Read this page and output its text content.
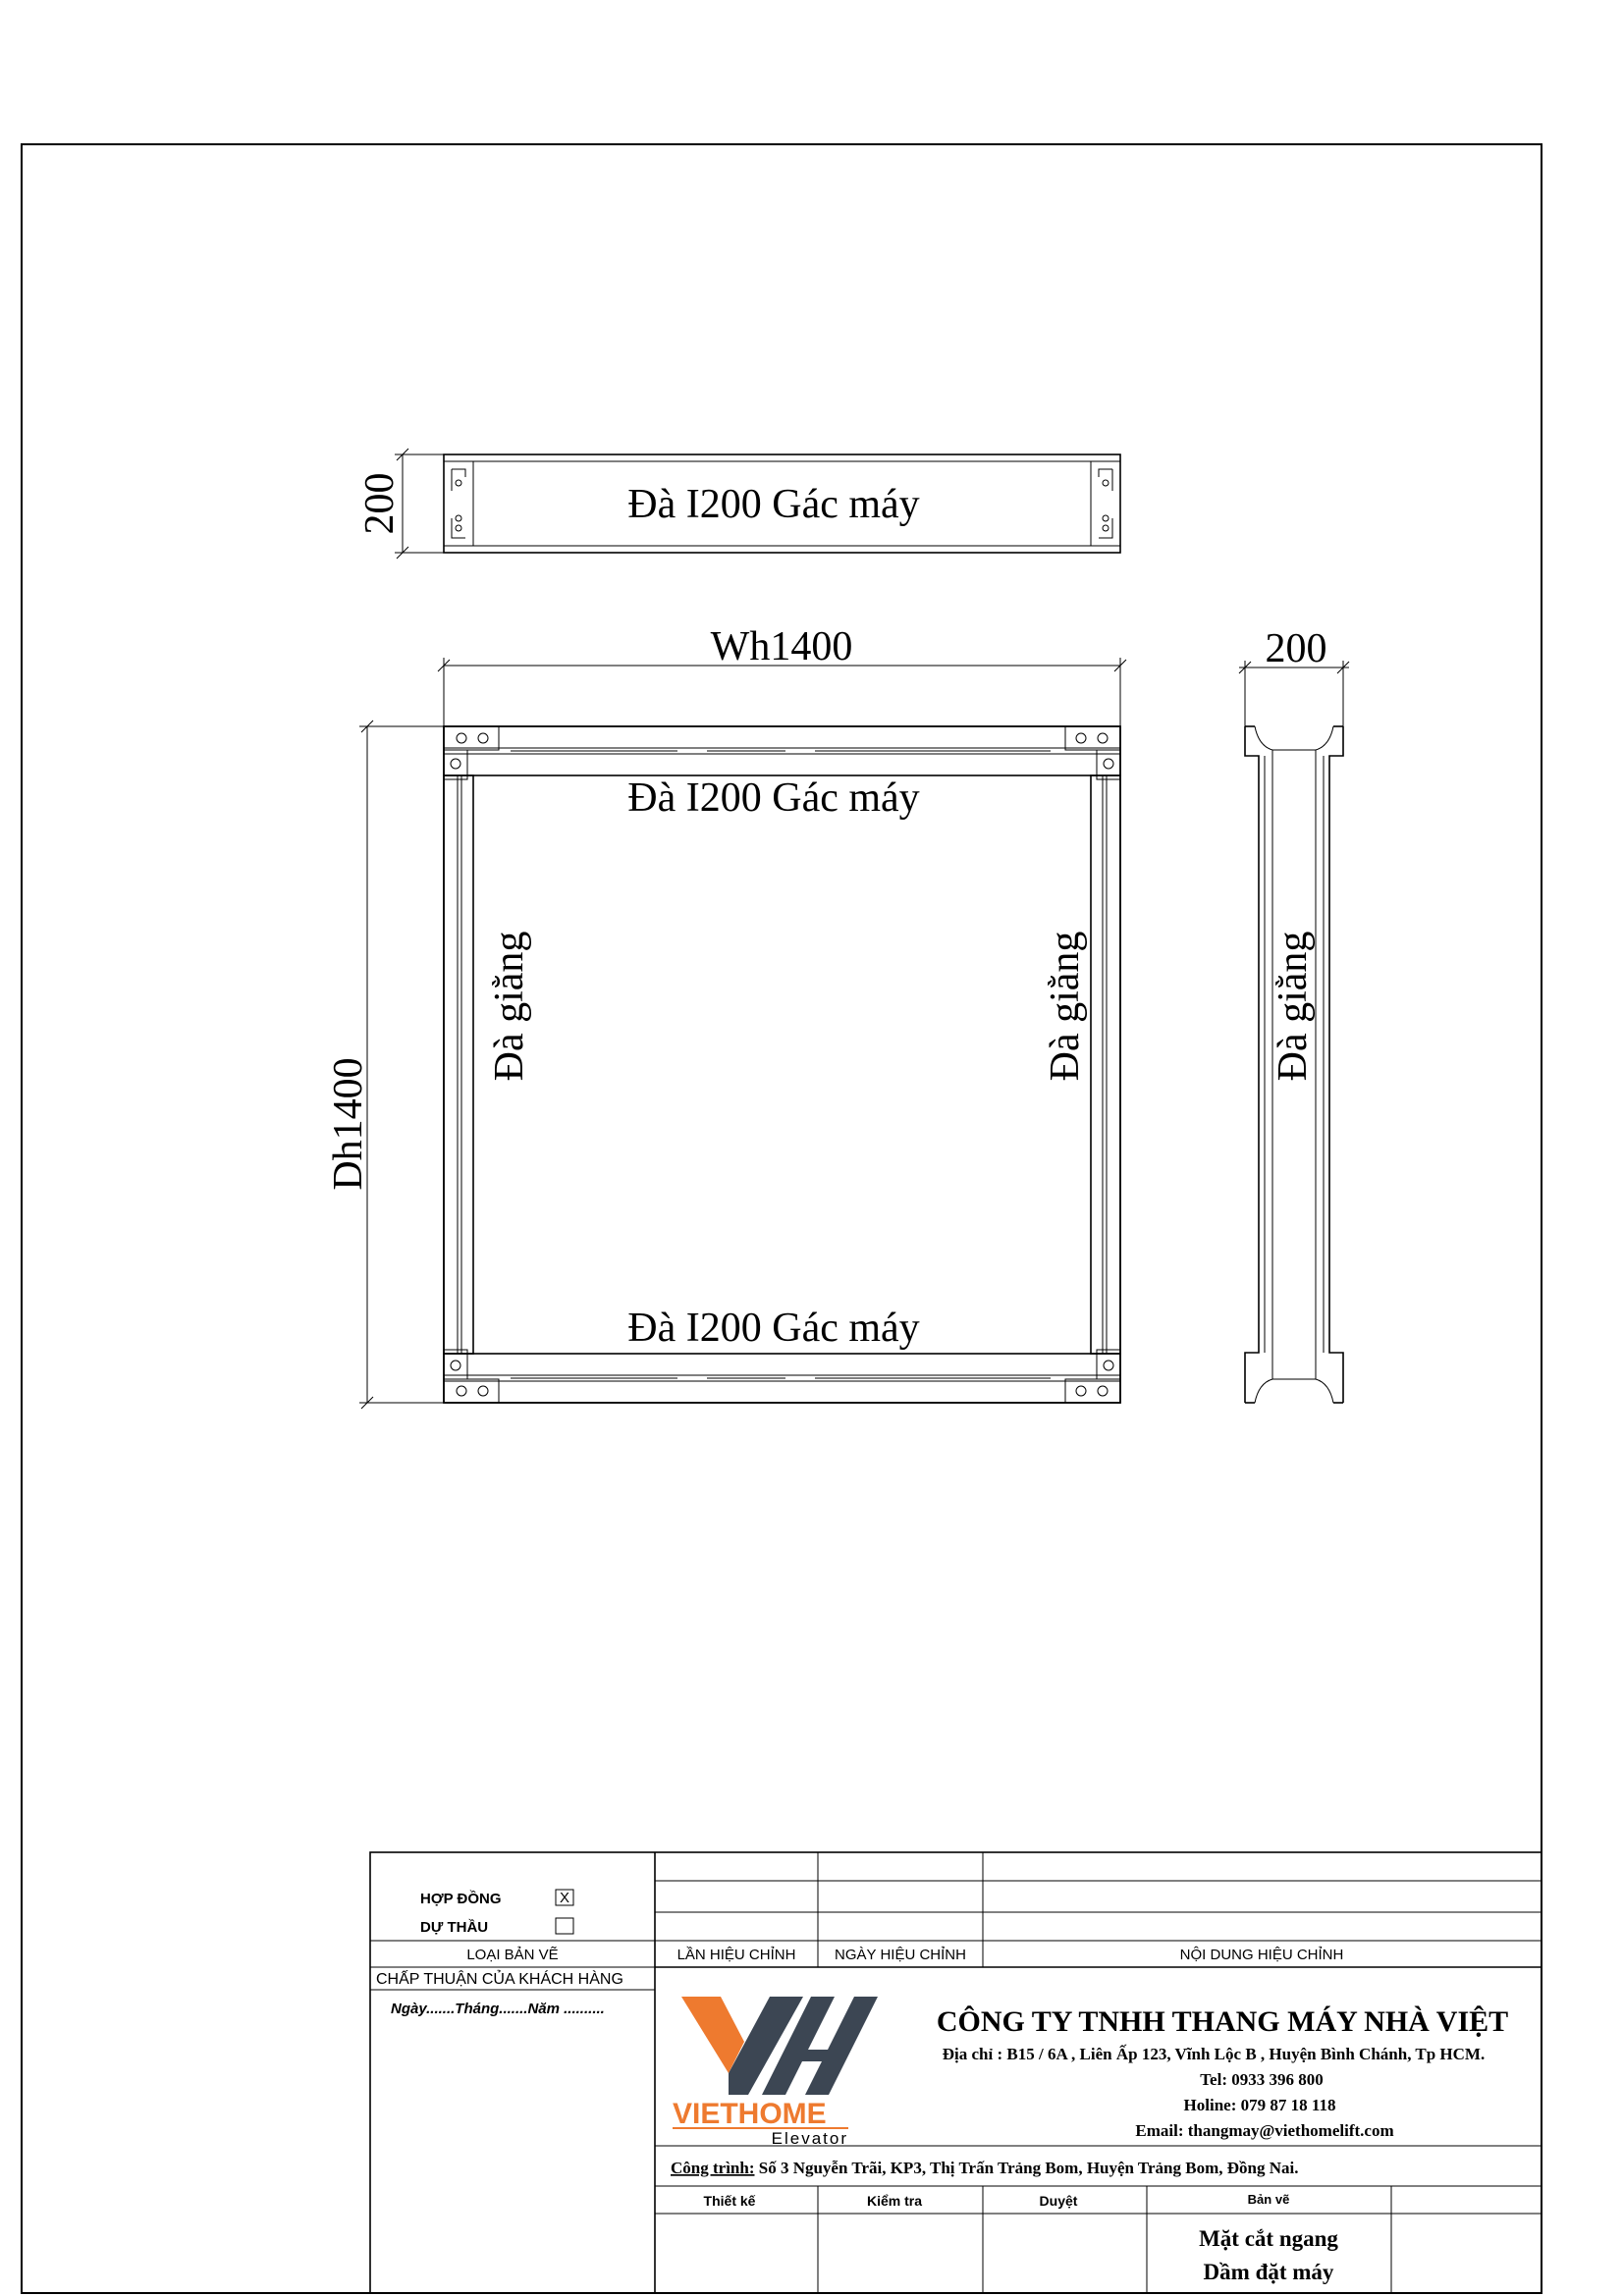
Đà I200 Gác máy
200
Đà I200 Gác máy
Đà I200 Gác máy
Đà giằng	Đà giằng
Wh1400
Dh1400
200
Đà giằng
X
HỢP ĐỒNG
DỰ THẦU
LOẠI BẢN VẼ
CHẤP THUẬN CỦA KHÁCH HÀNG
Ngày.......Tháng.......Năm ..........
LẦN HIỆU CHỈNH	NGÀY HIỆU CHỈNH	NỘI DUNG HIỆU CHỈNH
VIETHOME
Elevator
CÔNG TY TNHH THANG MÁY NHÀ VIỆT
Địa chỉ : B15 / 6A , Liên Ấp 123, Vĩnh Lộc B , Huyện Bình Chánh, Tp HCM.
Tel: 0933 396 800
Holine: 079 87 18 118
Email: thangmay@viethomelift.com
Công trình: Số 3 Nguyễn Trãi, KP3, Thị Trấn Trảng Bom, Huyện Trảng Bom, Đồng Nai.
Thiết kế	Kiểm tra	Duyệt	Bản vẽ
Mặt cắt ngang
Dầm đặt máy
